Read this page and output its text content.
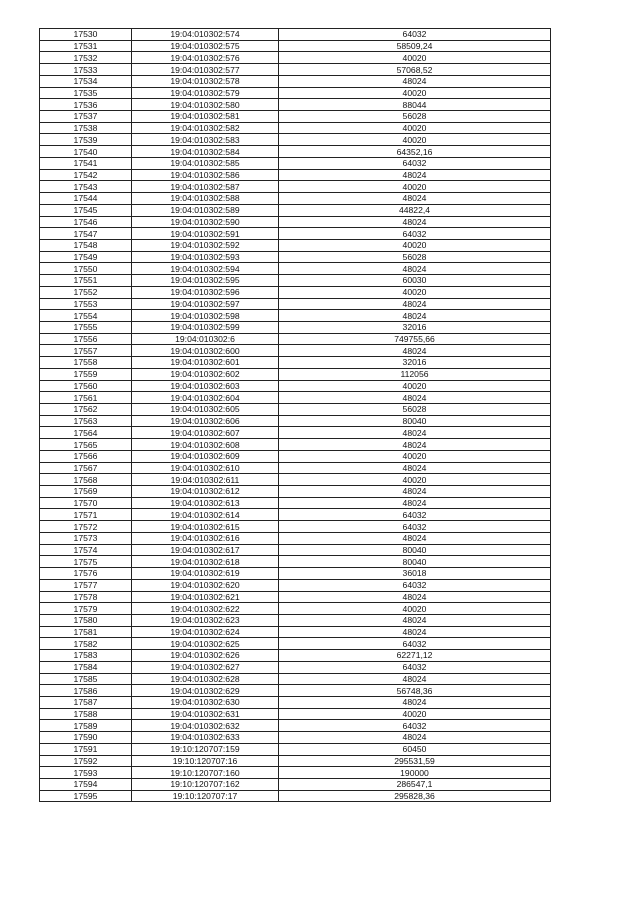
17530	19:04:010302:574	64032
17531	19:04:010302:575	58509,24
17532	19:04:010302:576	40020
17533	19:04:010302:577	57068,52
17534	19:04:010302:578	48024
17535	19:04:010302:579	40020
17536	19:04:010302:580	88044
17537	19:04:010302:581	56028
17538	19:04:010302:582	40020
17539	19:04:010302:583	40020
17540	19:04:010302:584	64352,16
17541	19:04:010302:585	64032
17542	19:04:010302:586	48024
17543	19:04:010302:587	40020
17544	19:04:010302:588	48024
17545	19:04:010302:589	44822,4
17546	19:04:010302:590	48024
17547	19:04:010302:591	64032
17548	19:04:010302:592	40020
17549	19:04:010302:593	56028
17550	19:04:010302:594	48024
17551	19:04:010302:595	60030
17552	19:04:010302:596	40020
17553	19:04:010302:597	48024
17554	19:04:010302:598	48024
17555	19:04:010302:599	32016
17556	19:04:010302:6	749755,66
17557	19:04:010302:600	48024
17558	19:04:010302:601	32016
17559	19:04:010302:602	112056
17560	19:04:010302:603	40020
17561	19:04:010302:604	48024
17562	19:04:010302:605	56028
17563	19:04:010302:606	80040
17564	19:04:010302:607	48024
17565	19:04:010302:608	48024
17566	19:04:010302:609	40020
17567	19:04:010302:610	48024
17568	19:04:010302:611	40020
17569	19:04:010302:612	48024
17570	19:04:010302:613	48024
17571	19:04:010302:614	64032
17572	19:04:010302:615	64032
17573	19:04:010302:616	48024
17574	19:04:010302:617	80040
17575	19:04:010302:618	80040
17576	19:04:010302:619	36018
17577	19:04:010302:620	64032
17578	19:04:010302:621	48024
17579	19:04:010302:622	40020
17580	19:04:010302:623	48024
17581	19:04:010302:624	48024
17582	19:04:010302:625	64032
17583	19:04:010302:626	62271,12
17584	19:04:010302:627	64032
17585	19:04:010302:628	48024
17586	19:04:010302:629	56748,36
17587	19:04:010302:630	48024
17588	19:04:010302:631	40020
17589	19:04:010302:632	64032
17590	19:04:010302:633	48024
17591	19:10:120707:159	60450
17592	19:10:120707:16	295531,59
17593	19:10:120707:160	190000
17594	19:10:120707:162	286547,1
17595	19:10:120707:17	295828,36
